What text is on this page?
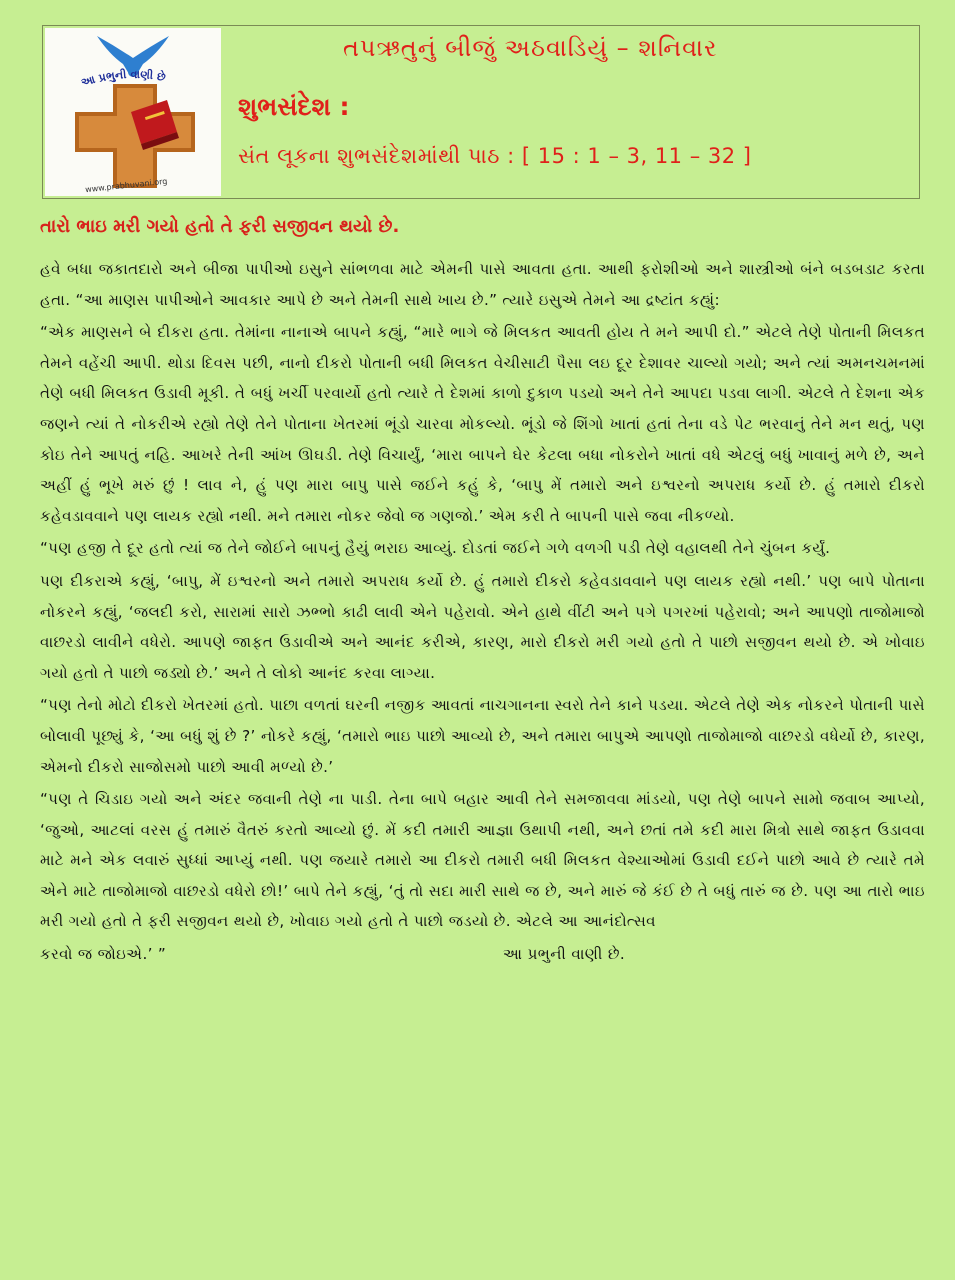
આ પ્રભુની વાણી છે
www.prabhuvani.org
તપઋતુનું બીજું અઠવાડિયું – શનિવાર
શુભસંદેશ :
સંત લૂકના શુભસંદેશમાંથી પાઠ : [ 15 : 1 – 3, 11 – 32 ]
તારો ભાઇ મરી ગયો હતો તે ફરી સજીવન થયો છે.

હવે બધા જકાતદારો અને બીજા પાપીઓ ઇસુને સાંભળવા માટે એમની પાસે આવતા હતા. આથી ફરોશીઓ અને શાસ્ત્રીઓ બંને બડબડાટ કરતા હતા. “આ માણસ પાપીઓને આવકાર આપે છે અને તેમની સાથે ખાય છે.” ત્યારે ઇસુએ તેમને આ દ્રષ્ટાંત કહ્યું:

“એક માણસને બે દીકરા હતા. તેમાંના નાનાએ બાપને કહ્યું, “મારે ભાગે જે મિલકત આવતી હોય તે મને આપી દો.” એટલે તેણે પોતાની મિલકત તેમને વહેંચી આપી. થોડા દિવસ પછી, નાનો દીકરો પોતાની બધી મિલકત વેચીસાટી પૈસા લઇ દૂર દેશાવર ચાલ્યો ગયો; અને ત્યાં અમનચમનમાં તેણે બધી મિલકત ઉડાવી મૂકી. તે બધું ખર્ચી પરવાર્યો હતો ત્યારે તે દેશમાં કાળો દુકાળ પડયો અને તેને આપદા પડવા લાગી. એટલે તે દેશના એક જણને ત્યાં તે નોકરીએ રહ્યો તેણે તેને પોતાના ખેતરમાં ભૂંડો ચારવા મોકલ્યો. ભૂંડો જે શિંગો ખાતાં હતાં તેના વડે પેટ ભરવાનું તેને મન થતું, પણ કોઇ તેને આપતું નહિ. આખરે તેની આંખ ઊઘડી. તેણે વિચાર્યું, ‘મારા બાપને ઘેર કેટલા બધા નોકરોને ખાતાં વધે એટલું બધું ખાવાનું મળે છે, અને અહીં હું ભૂખે મરું છું ! લાવ ને, હું પણ મારા બાપુ પાસે જઈને કહું કે, ‘બાપુ મેં તમારો અને ઇશ્વરનો અપરાધ કર્યો છે. હું તમારો દીકરો કહેવડાવવાને પણ લાયક રહ્યો નથી. મને તમારા નોકર જેવો જ ગણજો.’ એમ કરી તે બાપની પાસે જવા નીકળ્યો.

“પણ હજી તે દૂર હતો ત્યાં જ તેને જોઈને બાપનું હૈયું ભરાઇ આવ્યું. દોડતાં જઈને ગળે વળગી પડી તેણે વહાલથી તેને ચુંબન કર્યું.

પણ દીકરાએ કહ્યું, ‘બાપુ, મેં ઇશ્વરનો અને તમારો અપરાધ કર્યો છે. હું તમારો દીકરો કહેવડાવવાને પણ લાયક રહ્યો નથી.’ પણ બાપે પોતાના નોકરને કહ્યું, ‘જલદી કરો, સારામાં સારો ઝભ્ભો કાઢી લાવી એને પહેરાવો. એને હાથે વીંટી અને પગે પગરખાં પહેરાવો; અને આપણો તાજોમાજો વાછરડો લાવીને વધેરો. આપણે જાફત ઉડાવીએ અને આનંદ કરીએ, કારણ, મારો દીકરો મરી ગયો હતો તે પાછો સજીવન થયો છે. એ ખોવાઇ ગયો હતો તે પાછો જડ્યો છે.’ અને તે લોકો આનંદ કરવા લાગ્યા.

“પણ તેનો મોટો દીકરો ખેતરમાં હતો. પાછા વળતાં ઘરની નજીક આવતાં નાચગાનના સ્વરો તેને કાને પડયા. એટલે તેણે એક નોકરને પોતાની પાસે બોલાવી પૂછ્યું કે, ‘આ બધું શું છે ?’ નોકરે કહ્યું, ‘તમારો ભાઇ પાછો આવ્યો છે, અને તમારા બાપુએ આપણો તાજોમાજો વાછરડો વધેર્યો છે, કારણ, એમનો દીકરો સાજોસમો પાછો આવી મળ્યો છે.’

“પણ તે ચિડાઇ ગયો અને અંદર જવાની તેણે ના પાડી. તેના બાપે બહાર આવી તેને સમજાવવા માંડયો, પણ તેણે બાપને સામો જવાબ આપ્યો, ‘જુઓ, આટલાં વરસ હું તમારું વૈતરું કરતો આવ્યો છું. મેં કદી તમારી આજ્ઞા ઉથાપી નથી, અને છતાં તમે કદી મારા મિત્રો સાથે જાફત ઉડાવવા માટે મને એક લવારું સુધ્ધાં આપ્યું નથી. પણ જયારે તમારો આ દીકરો તમારી બધી મિલકત વેશ્યાઓમાં ઉડાવી દઈને પાછો આવે છે ત્યારે તમે એને માટે તાજોમાજો વાછરડો વધેરો છો!’ બાપે તેને કહ્યું, ‘તું તો સદા મારી સાથે જ છે, અને મારું જે કંઈ છે તે બધું તારું જ છે. પણ આ તારો ભાઇ મરી ગયો હતો તે ફરી સજીવન થયો છે, ખોવાઇ ગયો હતો તે પાછો જડયો છે. એટલે આ આનંદોત્સવ

કરવો જ જોઇએ.’ ”	આ પ્રભુની વાણી છે.
